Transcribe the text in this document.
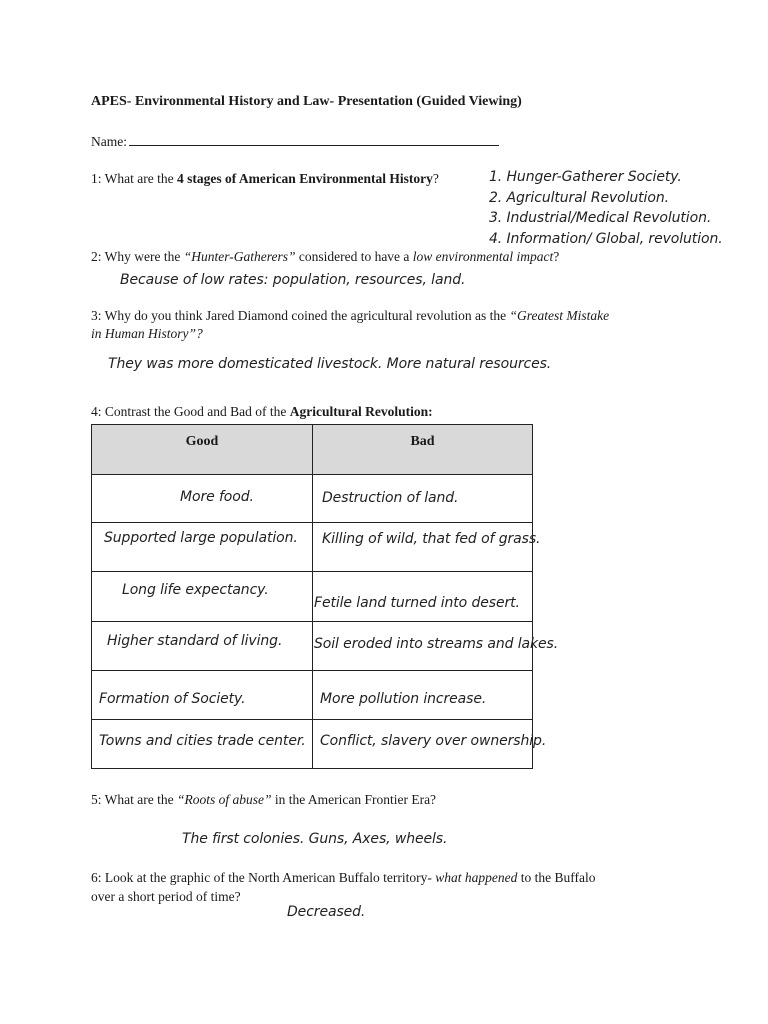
APES- Environmental History and Law- Presentation (Guided Viewing)
Name:
1: What are the 4 stages of American Environmental History?	1. Hunger-Gatherer Society.
2. Agricultural Revolution.
3. Industrial/Medical Revolution.
4. Information/ Global, revolution.
2: Why were the “Hunter-Gatherers” considered to have a low environmental impact?
Because of low rates: population, resources, land.
3: Why do you think Jared Diamond coined the agricultural revolution as the “Greatest Mistake
in Human History”?
They was more domesticated livestock. More natural resources.
4: Contrast the Good and Bad of the Agricultural Revolution:
Good	Bad

More food.	Destruction of land.

Supported large population.	Killing of wild, that fed of grass.

Long life expectancy.	Fetile land turned into desert.

Higher standard of living.	Soil eroded into streams and lakes.

Formation of Society.	More pollution increase.

Towns and cities trade center.	Conflict, slavery over ownership.
5: What are the “Roots of abuse” in the American Frontier Era?
The first colonies. Guns, Axes, wheels.
6: Look at the graphic of the North American Buffalo territory- what happened to the Buffalo
over a short period of time?
Decreased.
